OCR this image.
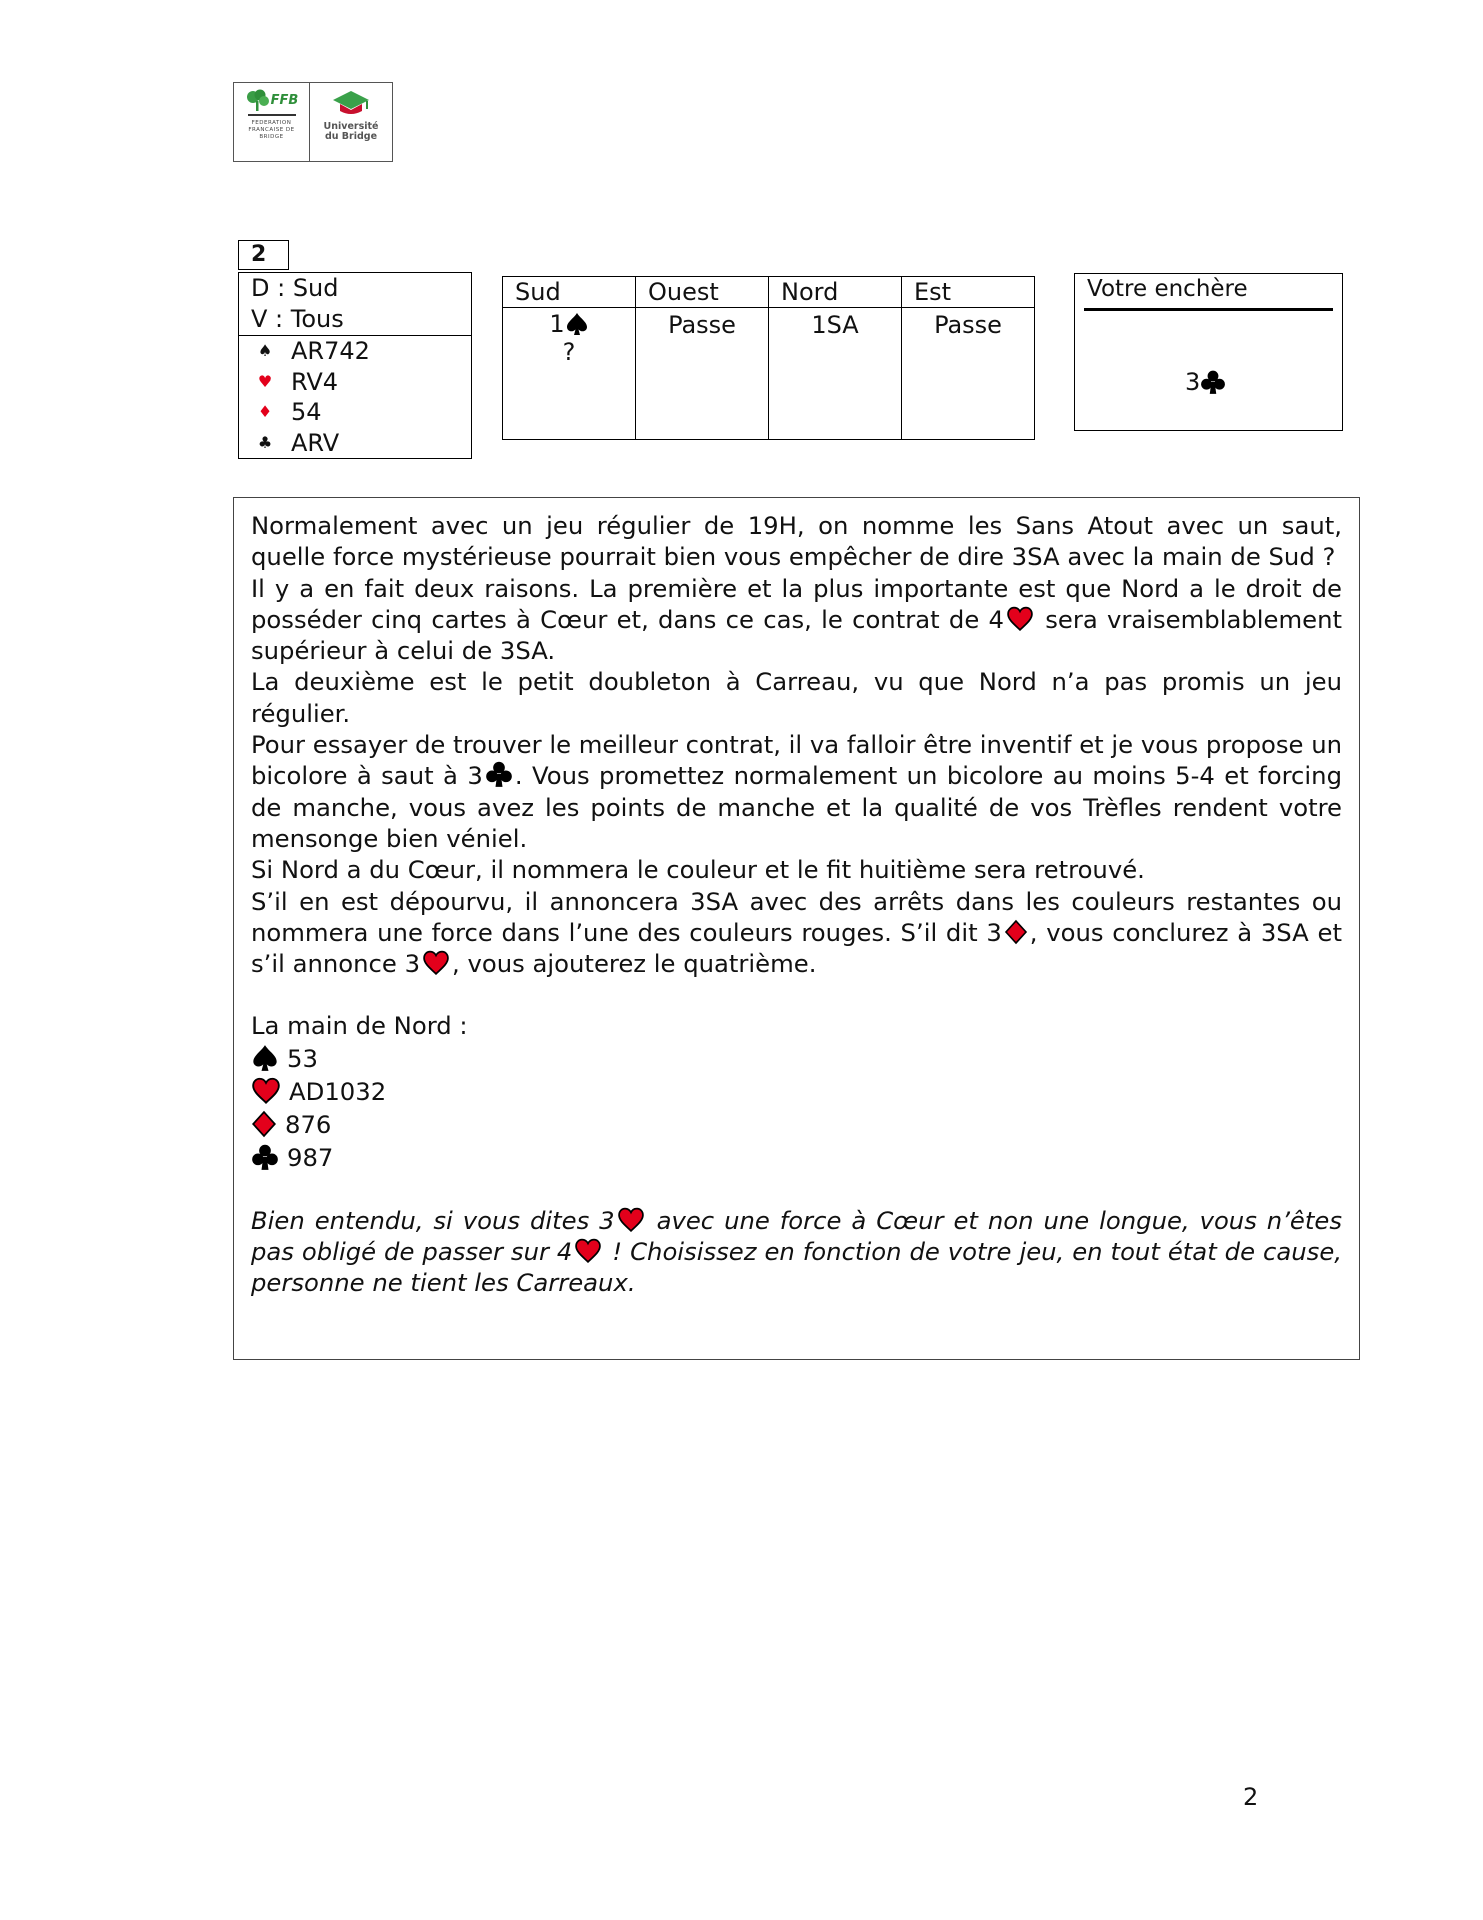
FFB
FEDERATION FRANCAISE DE BRIDGE
Université
du Bridge
2
D : Sud
V : Tous
♠ AR742
♥ RV4
♦ 54
♣ ARV
Sud	Ouest	Nord	Est

1
?	Passe	1SA	Passe
Votre enchère
3

Normalement avec un jeu régulier de 19H, on nomme les Sans Atout avec un saut, quelle force mystérieuse pourrait bien vous empêcher de dire 3SA avec la main de Sud ?

Il y a en fait deux raisons. La première et la plus importante est que Nord a le droit de posséder cinq cartes à Cœur et, dans ce cas, le contrat de 4 sera vraisemblablement supérieur à celui de 3SA.

La deuxième est le petit doubleton à Carreau, vu que Nord n’a pas promis un jeu régulier.

Pour essayer de trouver le meilleur contrat, il va falloir être inventif et je vous propose un bicolore à saut à 3 . Vous promettez normalement un bicolore au moins 5-4 et forcing de manche, vous avez les points de manche et la qualité de vos Trèfles rendent votre mensonge bien véniel.

Si Nord a du Cœur, il nommera le couleur et le fit huitième sera retrouvé.

S’il en est dépourvu, il annoncera 3SA avec des arrêts dans les couleurs restantes ou nommera une force dans l’une des couleurs rouges. S’il dit 3 , vous conclurez à 3SA et s’il annonce 3 , vous ajouterez le quatrième.

La main de Nord :

53
AD1032
876
987

Bien entendu, si vous dites 3 avec une force à Cœur et non une longue, vous n’êtes pas obligé de passer sur 4 ! Choisissez en fonction de votre jeu, en tout état de cause, personne ne tient les Carreaux.

2
